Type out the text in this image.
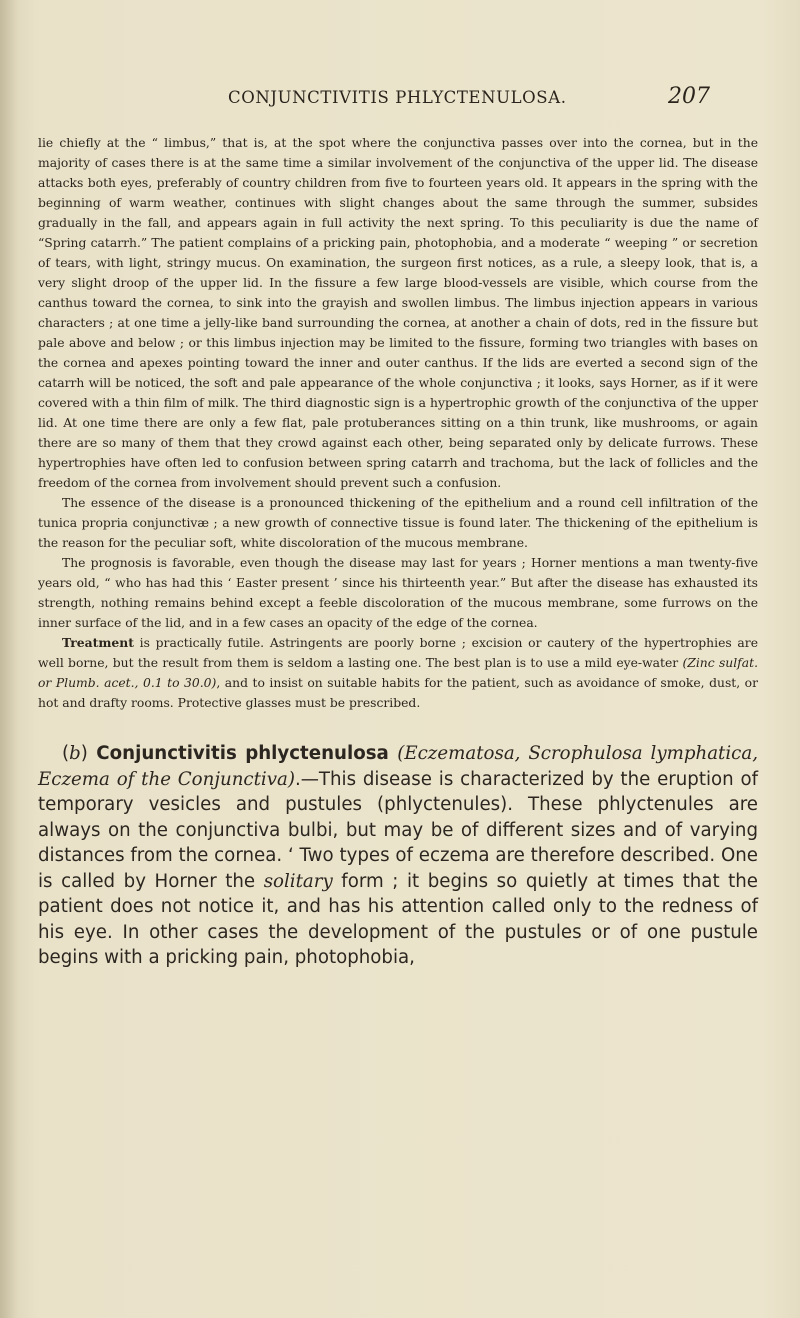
CONJUNCTIVITIS PHLYCTENULOSA.	207

lie chiefly at the “ limbus,” that is, at the spot where the conjunctiva passes over into the cornea, but in the majority of cases there is at the same time a similar involvement of the conjunctiva of the upper lid. The disease attacks both eyes, preferably of country children from five to fourteen years old. It appears in the spring with the beginning of warm weather, continues with slight changes about the same through the summer, subsides gradually in the fall, and appears again in full activity the next spring. To this peculiarity is due the name of “Spring catarrh.” The patient complains of a pricking pain, photophobia, and a moderate “ weeping ” or secretion of tears, with light, stringy mucus. On examination, the surgeon first notices, as a rule, a sleepy look, that is, a very slight droop of the upper lid. In the fissure a few large blood-vessels are visible, which course from the canthus toward the cornea, to sink into the grayish and swollen limbus. The limbus injection appears in various characters ; at one time a jelly-like band surrounding the cornea, at another a chain of dots, red in the fissure but pale above and below ; or this limbus injection may be limited to the fissure, forming two triangles with bases on the cornea and apexes pointing toward the inner and outer canthus. If the lids are everted a second sign of the catarrh will be noticed, the soft and pale appearance of the whole conjunctiva ; it looks, says Horner, as if it were covered with a thin film of milk. The third diagnostic sign is a hypertrophic growth of the conjunctiva of the upper lid. At one time there are only a few flat, pale protuberances sitting on a thin trunk, like mushrooms, or again there are so many of them that they crowd against each other, being separated only by delicate furrows. These hypertrophies have often led to confusion between spring catarrh and trachoma, but the lack of follicles and the freedom of the cornea from involvement should prevent such a confusion.

The essence of the disease is a pronounced thickening of the epithelium and a round cell infiltration of the tunica propria conjunctivæ ; a new growth of connective tissue is found later. The thickening of the epithelium is the reason for the peculiar soft, white discoloration of the mucous membrane.

The prognosis is favorable, even though the disease may last for years ; Horner mentions a man twenty-five years old, “ who has had this ‘ Easter present ’ since his thirteenth year.” But after the disease has exhausted its strength, nothing remains behind except a feeble discoloration of the mucous membrane, some furrows on the inner surface of the lid, and in a few cases an opacity of the edge of the cornea.

Treatment is practically futile. Astringents are poorly borne ; excision or cautery of the hypertrophies are well borne, but the result from them is seldom a lasting one. The best plan is to use a mild eye-water (Zinc sulfat. or Plumb. acet., 0.1 to 30.0), and to insist on suitable habits for the patient, such as avoidance of smoke, dust, or hot and drafty rooms. Protective glasses must be prescribed.

(b) Conjunctivitis phlyctenulosa (Eczematosa, Scrophulosa lymphatica, Eczema of the Conjunctiva).—This disease is characterized by the eruption of temporary vesicles and pustules (phlyctenules). These phlyctenules are always on the conjunctiva bulbi, but may be of different sizes and of varying distances from the cornea. ‘ Two types of eczema are therefore described. One is called by Horner the solitary form ; it begins so quietly at times that the patient does not notice it, and has his attention called only to the redness of his eye. In other cases the development of the pustules or of one pustule begins with a pricking pain, photophobia,
